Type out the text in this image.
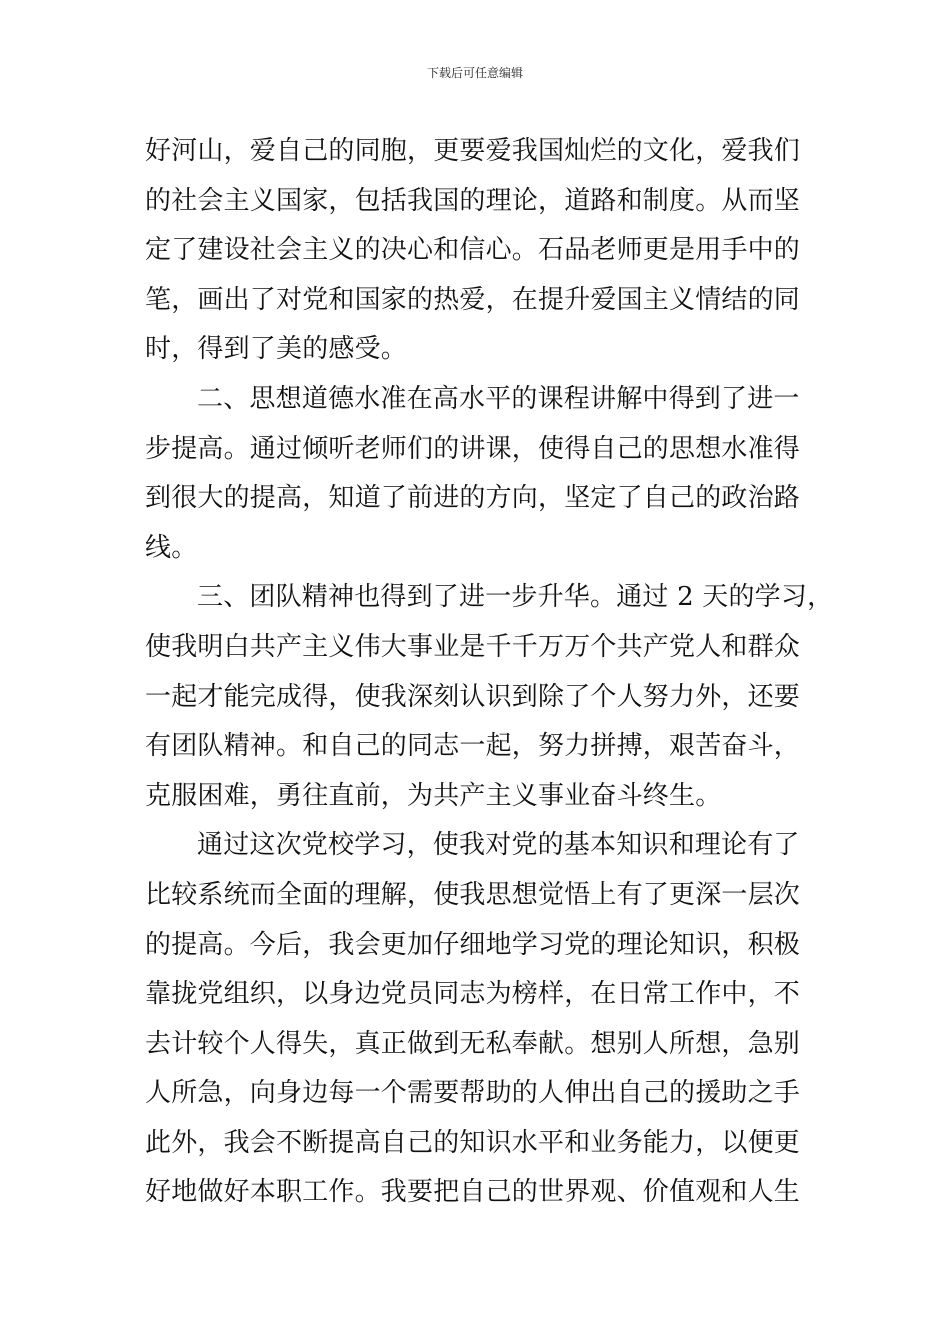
下载后可任意编辑
好河山，爱自己的同胞，更要爱我国灿烂的文化，爱我们
的社会主义国家，包括我国的理论，道路和制度。从而坚
定了建设社会主义的决心和信心。石品老师更是用手中的
笔，画出了对党和国家的热爱，在提升爱国主义情结的同
时，得到了美的感受。
二、思想道德水准在高水平的课程讲解中得到了进一
步提高。通过倾听老师们的讲课，使得自己的思想水准得
到很大的提高，知道了前进的方向，坚定了自己的政治路
线。
三、团队精神也得到了进一步升华。通过 2 天的学习，
使我明白共产主义伟大事业是千千万万个共产党人和群众
一起才能完成得，使我深刻认识到除了个人努力外，还要
有团队精神。和自己的同志一起，努力拼搏，艰苦奋斗，
克服困难，勇往直前，为共产主义事业奋斗终生。
通过这次党校学习，使我对党的基本知识和理论有了
比较系统而全面的理解，使我思想觉悟上有了更深一层次
的提高。今后，我会更加仔细地学习党的理论知识，积极
靠拢党组织，以身边党员同志为榜样，在日常工作中，不
去计较个人得失，真正做到无私奉献。想别人所想，急别
人所急，向身边每一个需要帮助的人伸出自己的援助之手
此外，我会不断提高自己的知识水平和业务能力，以便更
好地做好本职工作。我要把自己的世界观、价值观和人生
